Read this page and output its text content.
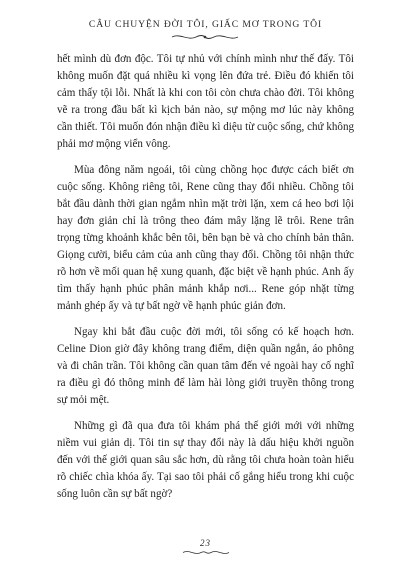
CÂU CHUYỆN ĐỜI TÔI, GIẤC MƠ TRONG TÔI

hết mình dù đơn độc. Tôi tự nhủ với chính mình như thế đấy. Tôi không muốn đặt quá nhiều kì vọng lên đứa trẻ. Điều đó khiến tôi cảm thấy tội lỗi. Nhất là khi con tôi còn chưa chào đời. Tôi không vẽ ra trong đầu bất kì kịch bản nào, sự mộng mơ lúc này không cần thiết. Tôi muốn đón nhận điều kì diệu từ cuộc sống, chứ không phải mơ mộng viển vông.

Mùa đông năm ngoái, tôi cùng chồng học được cách biết ơn cuộc sống. Không riêng tôi, Rene cũng thay đổi nhiều. Chồng tôi bắt đầu dành thời gian ngắm nhìn mặt trời lặn, xem cá heo bơi lội hay đơn giản chỉ là trông theo đám mây lặng lẽ trôi. Rene trân trọng từng khoảnh khắc bên tôi, bên bạn bè và cho chính bản thân. Giọng cười, biểu cảm của anh cũng thay đổi. Chồng tôi nhận thức rõ hơn về mối quan hệ xung quanh, đặc biệt về hạnh phúc. Anh ấy tìm thấy hạnh phúc phân mảnh khắp nơi... Rene góp nhặt từng mảnh ghép ấy và tự bất ngờ về hạnh phúc giản đơn.

Ngay khi bắt đầu cuộc đời mới, tôi sống có kế hoạch hơn. Celine Dion giờ đây không trang điểm, diện quần ngắn, áo phông và đi chân trần. Tôi không cần quan tâm đến vẻ ngoài hay cố nghĩ ra điều gì đó thông minh để làm hài lòng giới truyền thông trong sự mỏi mệt.

Những gì đã qua đưa tôi khám phá thế giới mới với những niềm vui giản dị. Tôi tin sự thay đổi này là dấu hiệu khởi nguồn đến với thế giới quan sâu sắc hơn, dù rằng tôi chưa hoàn toàn hiểu rõ chiếc chìa khóa ấy. Tại sao tôi phải cố gắng hiểu trong khi cuộc sống luôn cần sự bất ngờ?

23
